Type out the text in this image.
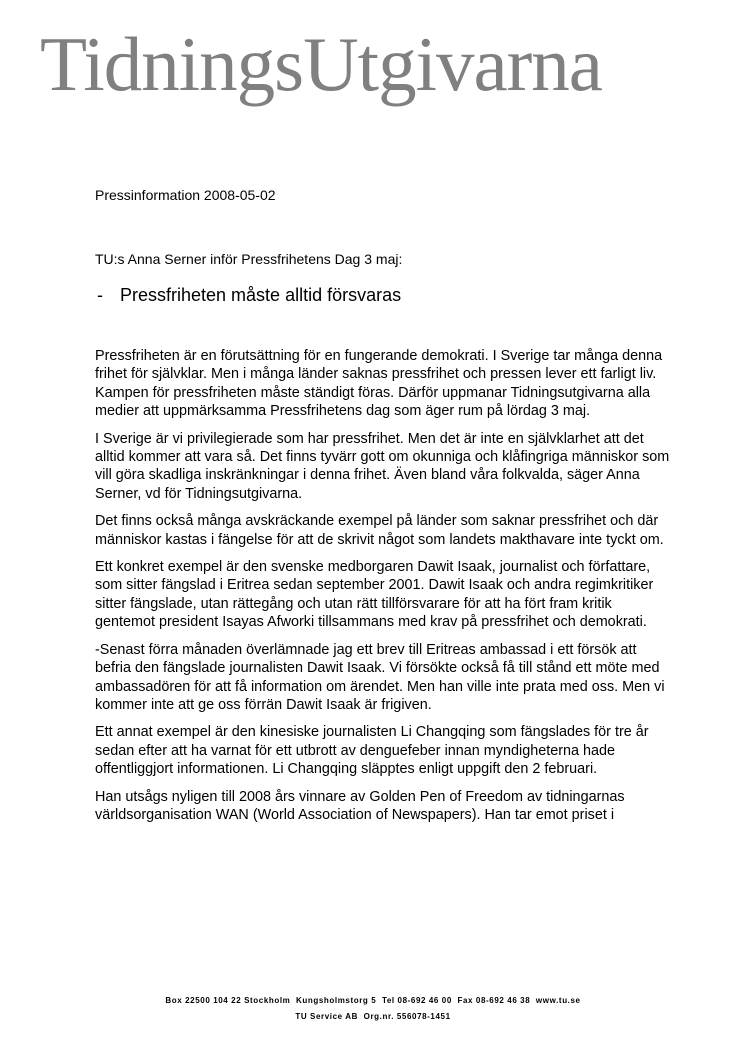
TidningsUtgivarna
Pressinformation 2008-05-02
TU:s Anna Serner inför Pressfrihetens Dag 3 maj:
- Pressfriheten måste alltid försvaras

Pressfriheten är en förutsättning för en fungerande demokrati. I Sverige tar många denna frihet för självklar. Men i många länder saknas pressfrihet och pressen lever ett farligt liv. Kampen för pressfriheten måste ständigt föras. Därför uppmanar Tidningsutgivarna alla medier att uppmärksamma Pressfrihetens dag som äger rum på lördag 3 maj.

I Sverige är vi privilegierade som har pressfrihet. Men det är inte en självklarhet att det alltid kommer att vara så. Det finns tyvärr gott om okunniga och klåfingriga människor som vill göra skadliga inskränkningar i denna frihet. Även bland våra folkvalda, säger Anna Serner, vd för Tidningsutgivarna.

Det finns också många avskräckande exempel på länder som saknar pressfrihet och där människor kastas i fängelse för att de skrivit något som landets makthavare inte tyckt om.

Ett konkret exempel är den svenske medborgaren Dawit Isaak, journalist och författare, som sitter fängslad i Eritrea sedan september 2001. Dawit Isaak och andra regimkritiker sitter fängslade, utan rättegång och utan rätt tillförsvarare för att ha fört fram kritik gentemot president Isayas Afworki tillsammans med krav på pressfrihet och demokrati.

-Senast förra månaden överlämnade jag ett brev till Eritreas ambassad i ett försök att befria den fängslade journalisten Dawit Isaak. Vi försökte också få till stånd ett möte med ambassadören för att få information om ärendet. Men han ville inte prata med oss. Men vi kommer inte att ge oss förrän Dawit Isaak är frigiven.

Ett annat exempel är den kinesiske journalisten Li Changqing som fängslades för tre år sedan efter att ha varnat för ett utbrott av denguefeber innan myndigheterna hade offentliggjort informationen. Li Changqing släpptes enligt uppgift den 2 februari.

Han utsågs nyligen till 2008 års vinnare av Golden Pen of Freedom av tidningarnas världsorganisation WAN (World Association of Newspapers). Han tar emot priset i

Box 22500 104 22 Stockholm  Kungsholmstorg 5  Tel 08-692 46 00  Fax 08-692 46 38  www.tu.se
TU Service AB  Org.nr. 556078-1451
